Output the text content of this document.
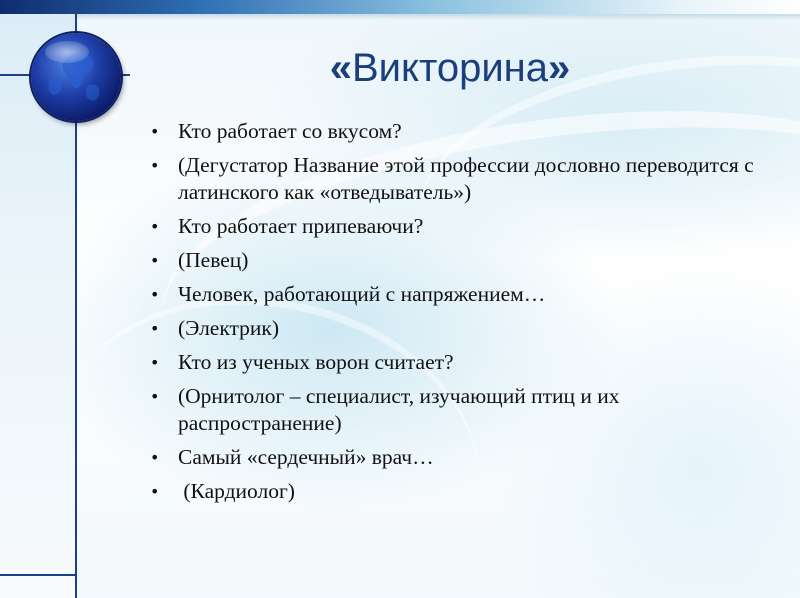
«Викторина»
• Кто работает со вкусом?
• (Дегустатор Название этой профессии дословно переводится с латинского как «отведыватель»)
• Кто работает припеваючи?
• (Певец)
• Человек, работающий с напряжением…
• (Электрик)
• Кто из ученых ворон считает?
• (Орнитолог – специалист, изучающий птиц и их распространение)
• Самый «сердечный» врач…
• (Кардиолог)
